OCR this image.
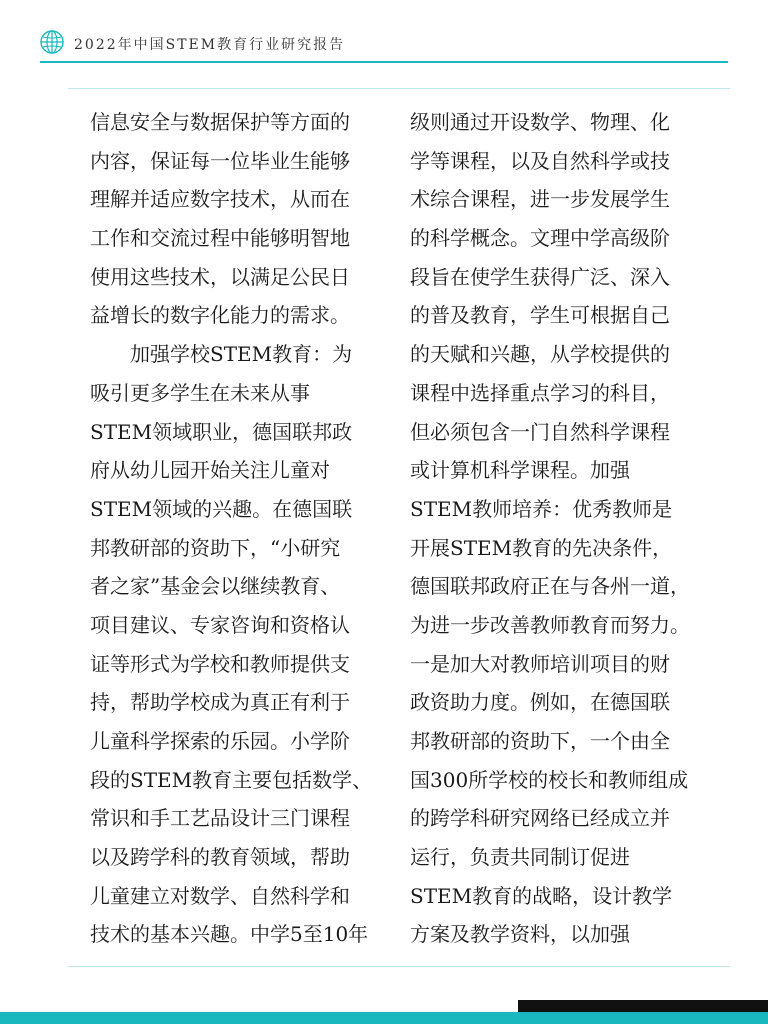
2022年中国STEM教育行业研究报告
信息安全与数据保护等方面的
内容，保证每一位毕业生能够
理解并适应数字技术，从而在
工作和交流过程中能够明智地
使用这些技术，以满足公民日
益增长的数字化能力的需求。
　　加强学校STEM教育：为
吸引更多学生在未来从事
STEM领域职业，德国联邦政
府从幼儿园开始关注儿童对
STEM领域的兴趣。在德国联
邦教研部的资助下，“小研究
者之家”基金会以继续教育、
项目建议、专家咨询和资格认
证等形式为学校和教师提供支
持，帮助学校成为真正有利于
儿童科学探索的乐园。小学阶
段的STEM教育主要包括数学、
常识和手工艺品设计三门课程
以及跨学科的教育领域，帮助
儿童建立对数学、自然科学和
技术的基本兴趣。中学5至10年
级则通过开设数学、物理、化
学等课程，以及自然科学或技
术综合课程，进一步发展学生
的科学概念。文理中学高级阶
段旨在使学生获得广泛、深入
的普及教育，学生可根据自己
的天赋和兴趣，从学校提供的
课程中选择重点学习的科目，
但必须包含一门自然科学课程
或计算机科学课程。加强
STEM教师培养：优秀教师是
开展STEM教育的先决条件，
德国联邦政府正在与各州一道，
为进一步改善教师教育而努力。
一是加大对教师培训项目的财
政资助力度。例如，在德国联
邦教研部的资助下，一个由全
国300所学校的校长和教师组成
的跨学科研究网络已经成立并
运行，负责共同制订促进
STEM教育的战略，设计教学
方案及教学资料，以加强
